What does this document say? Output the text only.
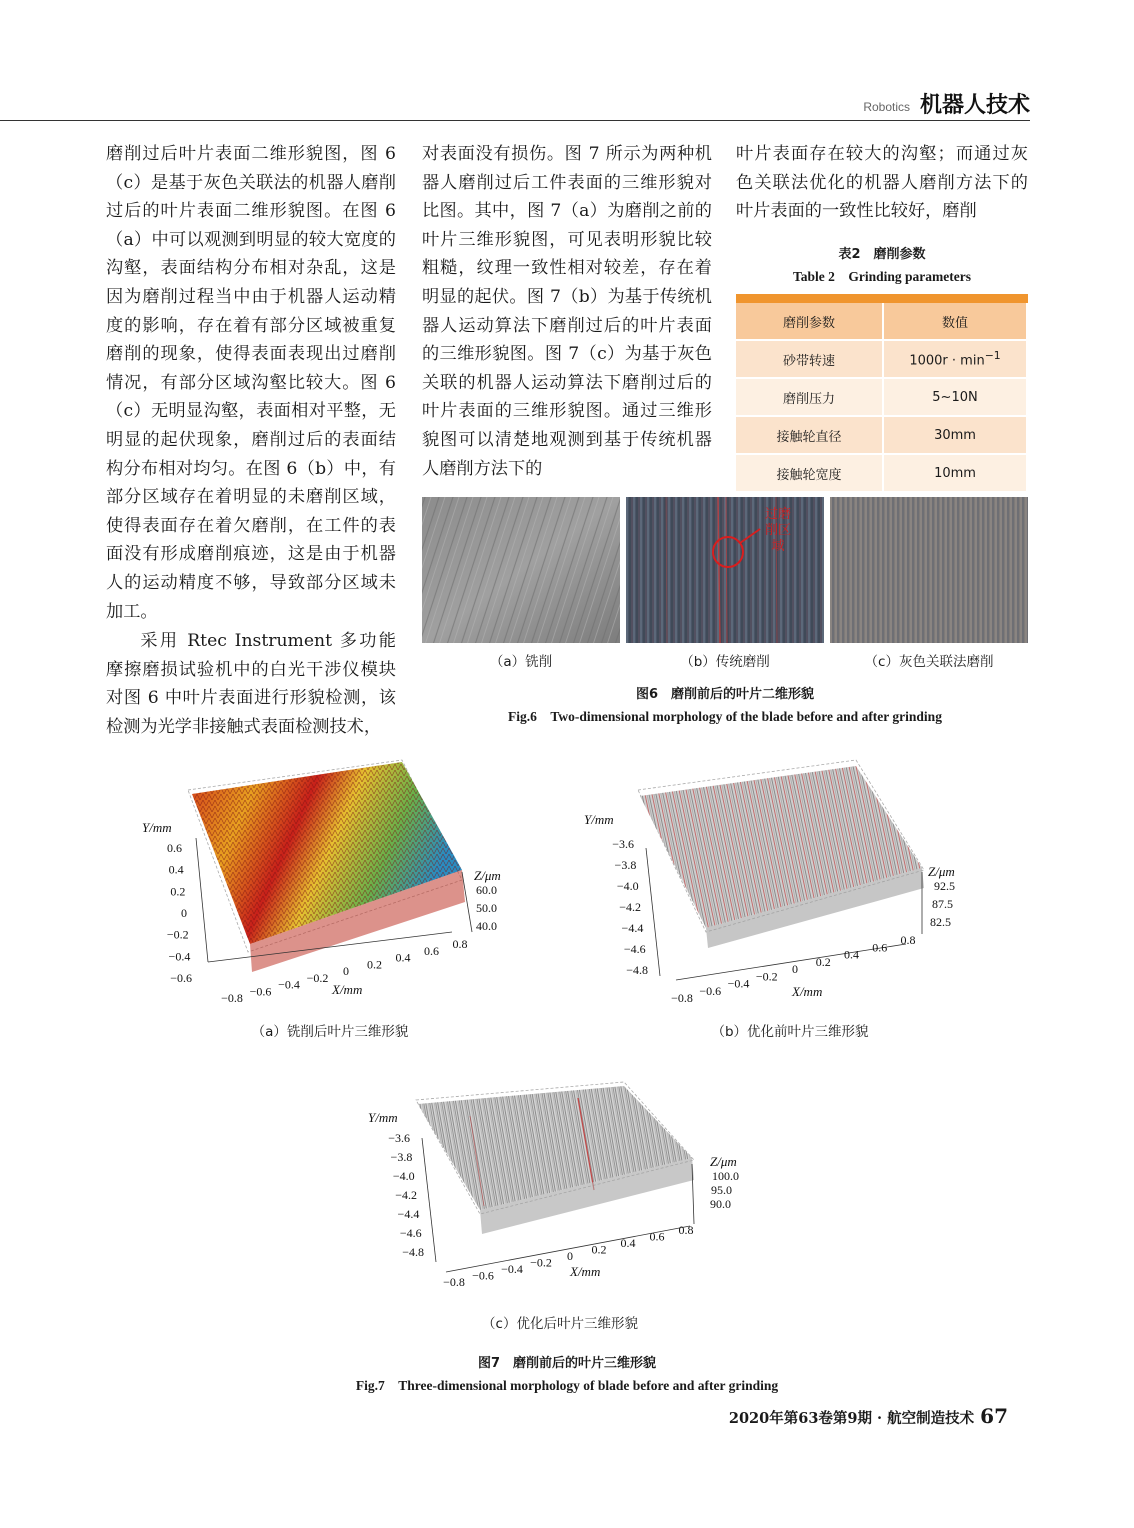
Robotics 机器人技术

磨削过后叶片表面二维形貌图，图 6（c）是基于灰色关联法的机器人磨削过后的叶片表面二维形貌图。在图 6（a）中可以观测到明显的较大宽度的沟壑，表面结构分布相对杂乱，这是因为磨削过程当中由于机器人运动精度的影响，存在着有部分区域被重复磨削的现象，使得表面表现出过磨削情况，有部分区域沟壑比较大。图 6（c）无明显沟壑，表面相对平整，无明显的起伏现象，磨削过后的表面结构分布相对均匀。在图 6（b）中，有部分区域存在着明显的未磨削区域，使得表面存在着欠磨削，在工件的表面没有形成磨削痕迹，这是由于机器人的运动精度不够，导致部分区域未加工。

采用 Rtec Instrument 多功能摩擦磨损试验机中的白光干涉仪模块对图 6 中叶片表面进行形貌检测，该检测为光学非接触式表面检测技术，

对表面没有损伤。图 7 所示为两种机器人磨削过后工件表面的三维形貌对比图。其中，图 7（a）为磨削之前的叶片三维形貌图，可见表明形貌比较粗糙，纹理一致性相对较差，存在着明显的起伏。图 7（b）为基于传统机器人运动算法下磨削过后的叶片表面的三维形貌图。图 7（c）为基于灰色关联的机器人运动算法下磨削过后的叶片表面的三维形貌图。通过三维形貌图可以清楚地观测到基于传统机器人磨削方法下的

叶片表面存在较大的沟壑；而通过灰色关联法优化的机器人磨削方法下的叶片表面的一致性比较好，磨削

表2　磨削参数
Table 2　Grinding parameters
磨削参数	数值
砂带转速	$1000r \cdot \min^{-1}$
磨削压力	5~10N
接触轮直径	30mm
接触轮宽度	10mm
过磨削区域
（a）铣削	（b）传统磨削	（c）灰色关联法磨削
图6　磨削前后的叶片二维形貌
Fig.6　Two-dimensional morphology of the blade before and after grinding
0.6
0.4
0.2
0
−0.2
−0.4
−0.6
−0.8 −0.6 −0.4 −0.2 0 0.2 0.4 0.6 0.8
60.0
50.0
40.0
Y/mm
X/mm
Z/μm
（a）铣削后叶片三维形貌
−3.6
−3.8
−4.0
−4.2
−4.4
−4.6
−4.8
−0.8
−0.6
−0.4
−0.2
0
0.2
0.4
0.6
0.8
92.5
87.5
82.5
Y/mm
X/mm
Z/μm
（b）优化前叶片三维形貌
−3.6
−3.8
−4.0
−4.2
−4.4
−4.6
−4.8
−0.8 −0.6 −0.4 −0.2 0 0.2 0.4 0.6 0.8
100.0
95.0
90.0
Y/mm
X/mm
Z/μm
（c）优化后叶片三维形貌
图7　磨削前后的叶片三维形貌
Fig.7　Three-dimensional morphology of blade before and after grinding
2020年第63卷第9期 · 航空制造技术 67
